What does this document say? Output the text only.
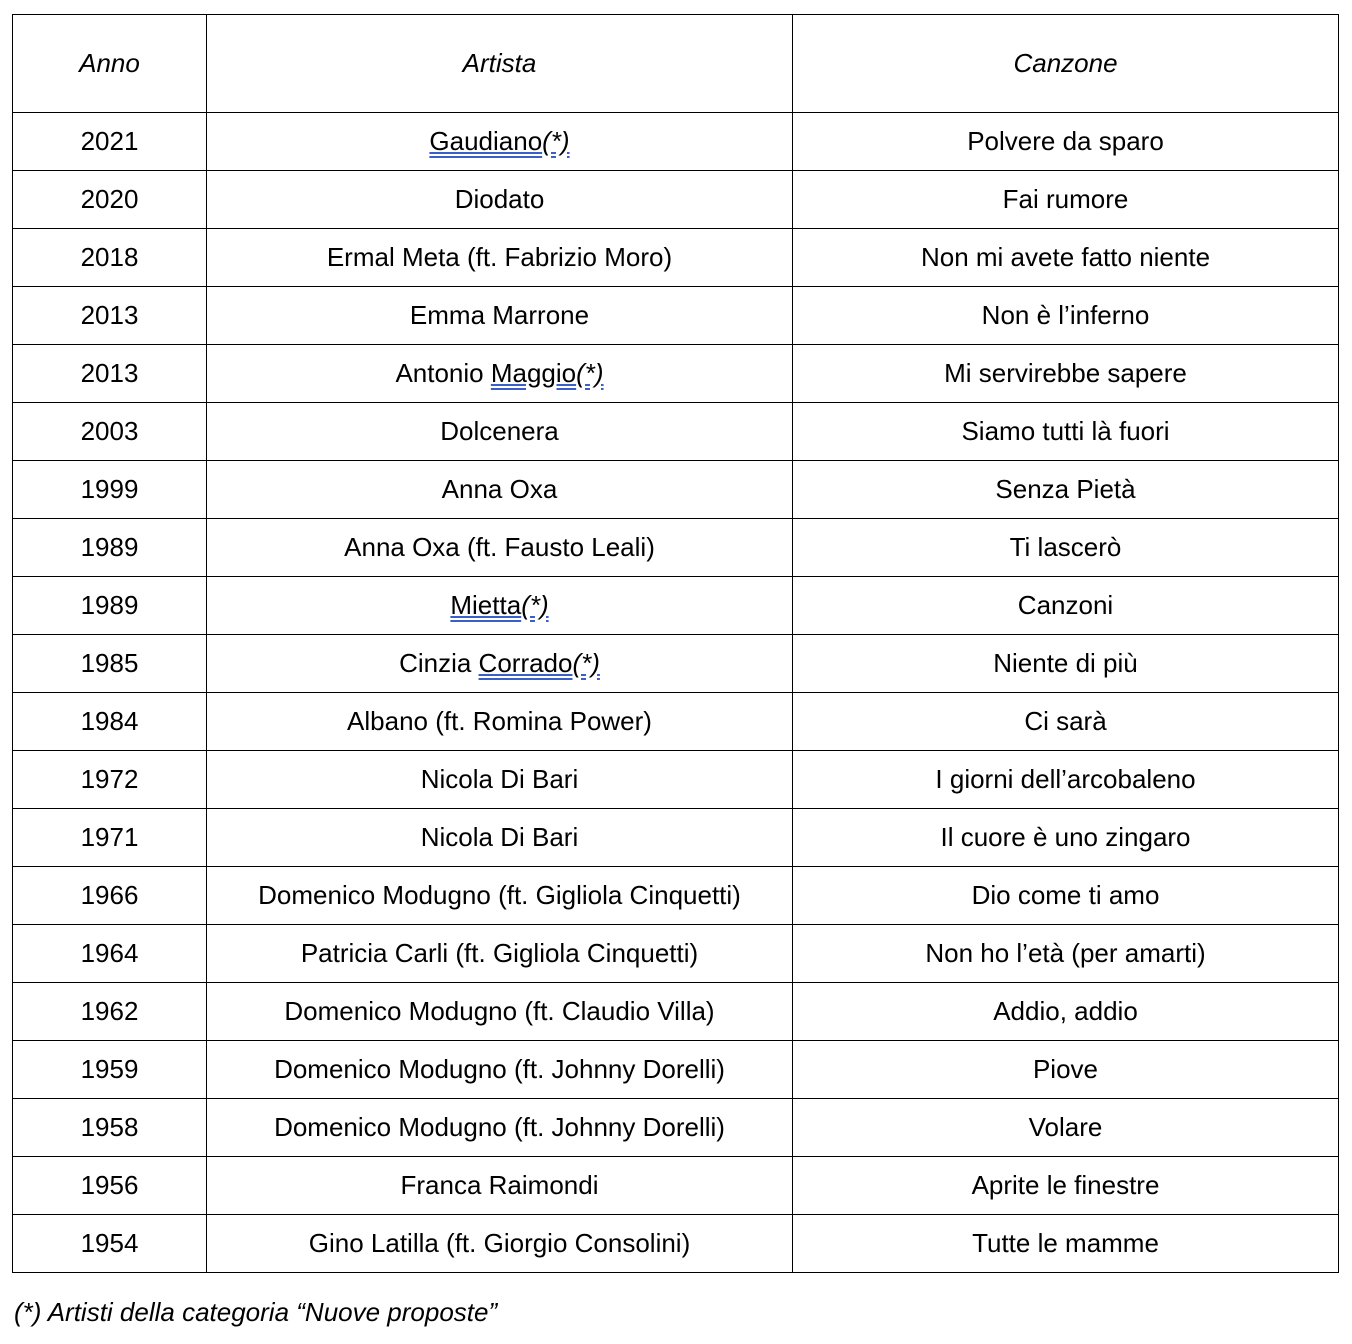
Anno	Artista	Canzone
2021	Gaudiano(*)	Polvere da sparo
2020	Diodato	Fai rumore
2018	Ermal Meta (ft. Fabrizio Moro)	Non mi avete fatto niente
2013	Emma Marrone	Non è l’inferno
2013	Antonio Maggio(*)	Mi servirebbe sapere
2003	Dolcenera	Siamo tutti là fuori
1999	Anna Oxa	Senza Pietà
1989	Anna Oxa (ft. Fausto Leali)	Ti lascerò
1989	Mietta(*)	Canzoni
1985	Cinzia Corrado(*)	Niente di più
1984	Albano (ft. Romina Power)	Ci sarà
1972	Nicola Di Bari	I giorni dell’arcobaleno
1971	Nicola Di Bari	Il cuore è uno zingaro
1966	Domenico Modugno (ft. Gigliola Cinquetti)	Dio come ti amo
1964	Patricia Carli (ft. Gigliola Cinquetti)	Non ho l’età (per amarti)
1962	Domenico Modugno (ft. Claudio Villa)	Addio, addio
1959	Domenico Modugno (ft. Johnny Dorelli)	Piove
1958	Domenico Modugno (ft. Johnny Dorelli)	Volare
1956	Franca Raimondi	Aprite le finestre
1954	Gino Latilla (ft. Giorgio Consolini)	Tutte le mamme
(*) Artisti della categoria “Nuove proposte”
